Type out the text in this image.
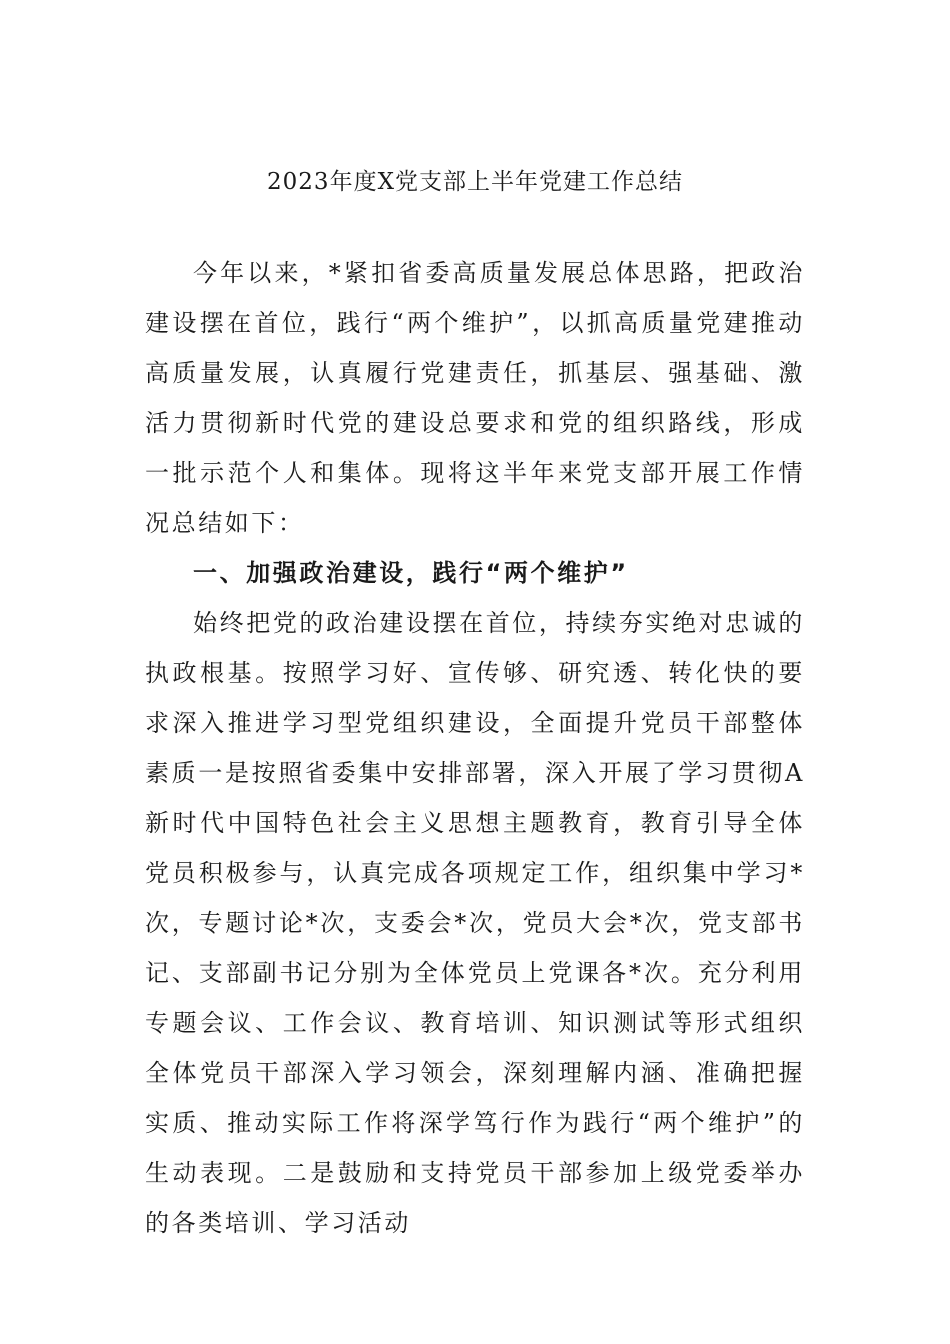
2023年度X党支部上半年党建工作总结

今年以来，*紧扣省委高质量发展总体思路，把政治建设摆在首位，践行“两个维护”，以抓高质量党建推动高质量发展，认真履行党建责任，抓基层、强基础、激活力贯彻新时代党的建设总要求和党的组织路线，形成一批示范个人和集体。现将这半年来党支部开展工作情况总结如下：

一、加强政治建设，践行“两个维护”

始终把党的政治建设摆在首位，持续夯实绝对忠诚的执政根基。按照学习好、宣传够、研究透、转化快的要求深入推进学习型党组织建设，全面提升党员干部整体素质一是按照省委集中安排部署，深入开展了学习贯彻A新时代中国特色社会主义思想主题教育，教育引导全体党员积极参与，认真完成各项规定工作，组织集中学习*次，专题讨论*次，支委会*次，党员大会*次，党支部书记、支部副书记分别为全体党员上党课各*次。充分利用专题会议、工作会议、教育培训、知识测试等形式组织全体党员干部深入学习领会，深刻理解内涵、准确把握实质、推动实际工作将深学笃行作为践行“两个维护”的生动表现。二是鼓励和支持党员干部参加上级党委举办的各类培训、学习活动
